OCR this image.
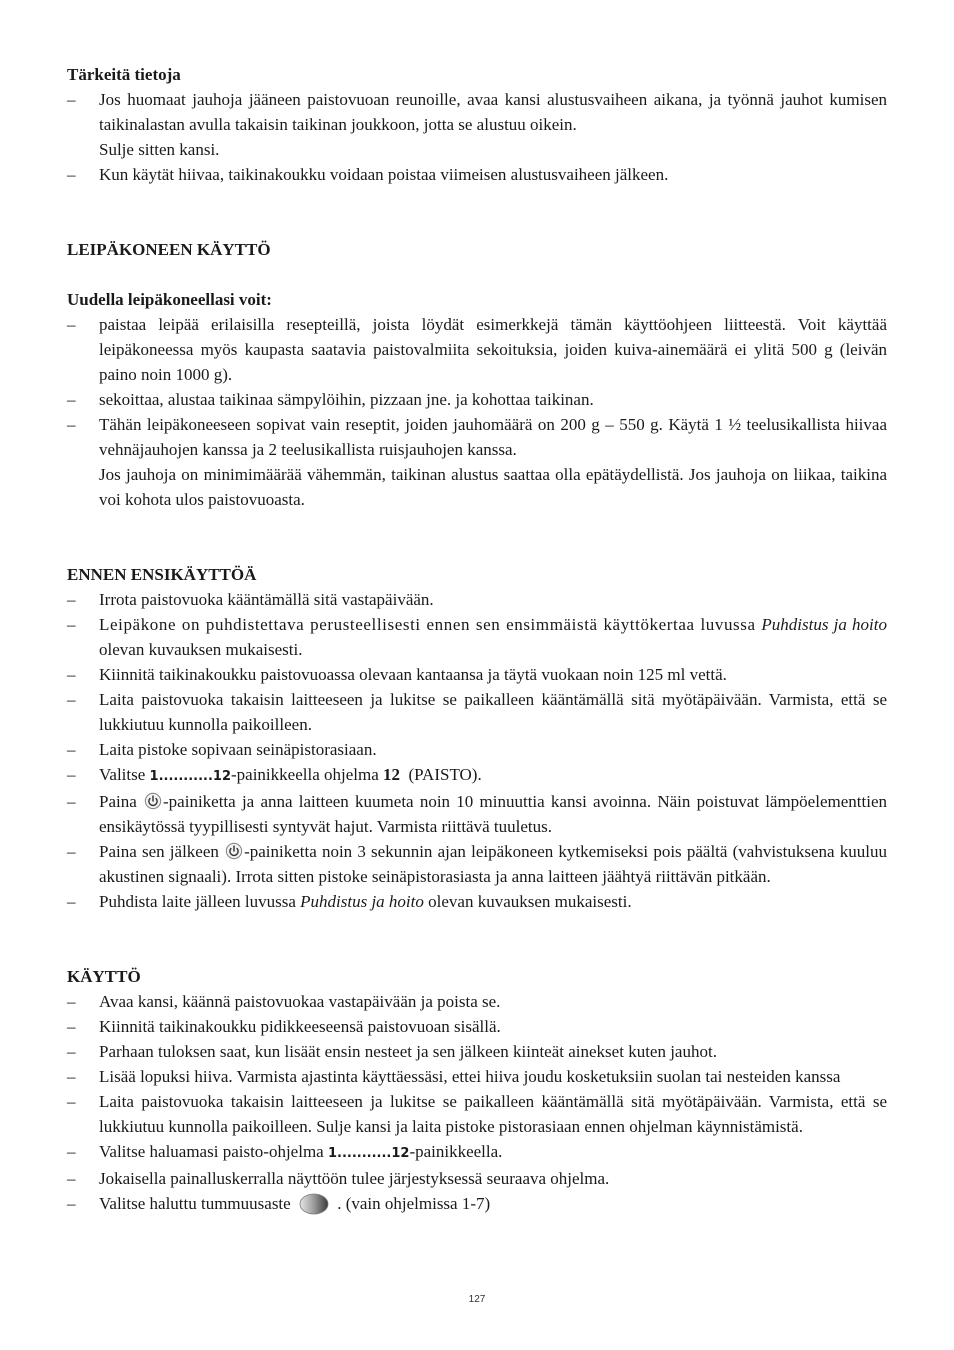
Tärkeitä tietoja

– Jos huomaat jauhoja jääneen paistovuoan reunoille, avaa kansi alustusvaiheen aikana, ja työnnä jauhot kumisen taikinalastan avulla takaisin taikinan joukkoon, jotta se alustuu oikein.

Sulje sitten kansi.

– Kun käytät hiivaa, taikinakoukku voidaan poistaa viimeisen alustusvaiheen jälkeen.

LEIPÄKONEEN KÄYTTÖ

Uudella leipäkoneellasi voit:

– paistaa leipää erilaisilla resepteillä, joista löydät esimerkkejä tämän käyttöohjeen liitteestä. Voit käyttää leipäkoneessa myös kaupasta saatavia paistovalmiita sekoituksia, joiden kuiva-ainemäärä ei ylitä 500 g (leivän paino noin 1000 g).
– sekoittaa, alustaa taikinaa sämpylöihin, pizzaan jne. ja kohottaa taikinan.
– Tähän leipäkoneeseen sopivat vain reseptit, joiden jauhomäärä on 200 g – 550 g. Käytä 1 ½ teelusikallista hiivaa vehnäjauhojen kanssa ja 2 teelusikallista ruisjauhojen kanssa.

Jos jauhoja on minimimäärää vähemmän, taikinan alustus saattaa olla epätäydellistä. Jos jauhoja on liikaa, taikina voi kohota ulos paistovuoasta.

ENNEN ENSIKÄYTTÖÄ

– Irrota paistovuoka kääntämällä sitä vastapäivään.
– Leipäkone on puhdistettava perusteellisesti ennen sen ensimmäistä käyttökertaa luvussa Puhdistus ja hoito olevan kuvauksen mukaisesti.
– Kiinnitä taikinakoukku paistovuoassa olevaan kantaansa ja täytä vuokaan noin 125 ml vettä.
– Laita paistovuoka takaisin laitteeseen ja lukitse se paikalleen kääntämällä sitä myötäpäivään. Varmista, että se lukkiutuu kunnolla paikoilleen.
– Laita pistoke sopivaan seinäpistorasiaan.
– Valitse 1...........12-painikkeella ohjelma 12  (PAISTO).
– Paina -painiketta ja anna laitteen kuumeta noin 10 minuuttia kansi avoinna. Näin poistuvat lämpöelementtien ensikäytössä tyypillisesti syntyvät hajut. Varmista riittävä tuuletus.
– Paina sen jälkeen -painiketta noin 3 sekunnin ajan leipäkoneen kytkemiseksi pois päältä (vahvistuksena kuuluu akustinen signaali). Irrota sitten pistoke seinäpistorasiasta ja anna laitteen jäähtyä riittävän pitkään.
– Puhdista laite jälleen luvussa Puhdistus ja hoito olevan kuvauksen mukaisesti.

KÄYTTÖ

– Avaa kansi, käännä paistovuokaa vastapäivään ja poista se.
– Kiinnitä taikinakoukku pidikkeeseensä paistovuoan sisällä.
– Parhaan tuloksen saat, kun lisäät ensin nesteet ja sen jälkeen kiinteät ainekset kuten jauhot.
– Lisää lopuksi hiiva. Varmista ajastinta käyttäessäsi, ettei hiiva joudu kosketuksiin suolan tai nesteiden kanssa
– Laita paistovuoka takaisin laitteeseen ja lukitse se paikalleen kääntämällä sitä myötäpäivään. Varmista, että se lukkiutuu kunnolla paikoilleen. Sulje kansi ja laita pistoke pistorasiaan ennen ohjelman käynnistämistä.
– Valitse haluamasi paisto-ohjelma 1...........12-painikkeella.
– Jokaisella painalluskerralla näyttöön tulee järjestyksessä seuraava ohjelma.
– Valitse haluttu tummuusaste  . (vain ohjelmissa 1-7)
127
